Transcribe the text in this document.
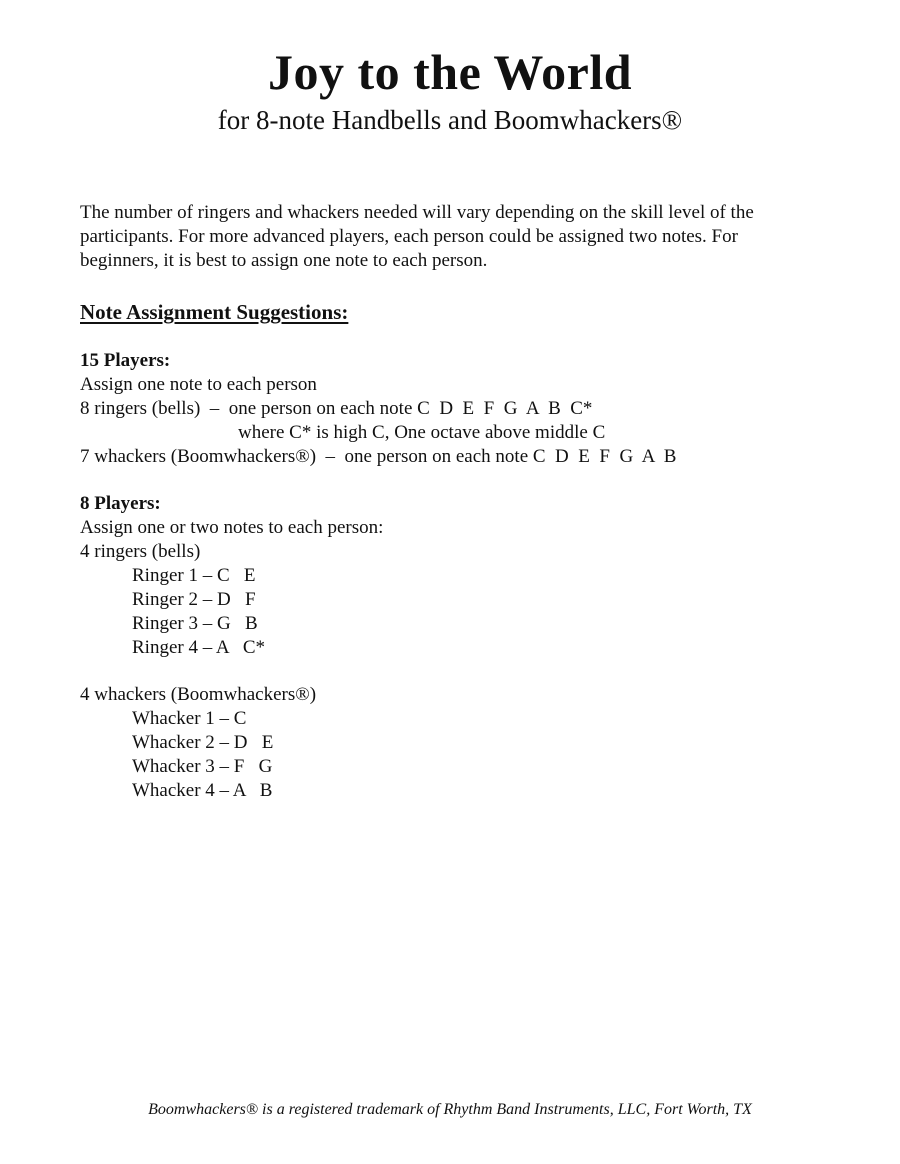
Joy to the World
for 8-note Handbells and Boomwhackers®
The number of ringers and whackers needed will vary depending on the skill level of the
participants. For more advanced players, each person could be assigned two notes. For
beginners, it is best to assign one note to each person.
Note Assignment Suggestions:
15 Players:
Assign one note to each person
8 ringers (bells)  –  one person on each note C  D  E  F  G  A  B  C*
where C* is high C, One octave above middle C
7 whackers (Boomwhackers®)  –  one person on each note C  D  E  F  G  A  B
8 Players:
Assign one or two notes to each person:
4 ringers (bells)
Ringer 1 – C E
Ringer 2 – D F
Ringer 3 – G B
Ringer 4 – A C*
4 whackers (Boomwhackers®)
Whacker 1 – C
Whacker 2 – D E
Whacker 3 – F G
Whacker 4 – A B
Boomwhackers® is a registered trademark of Rhythm Band Instruments, LLC, Fort Worth, TX
